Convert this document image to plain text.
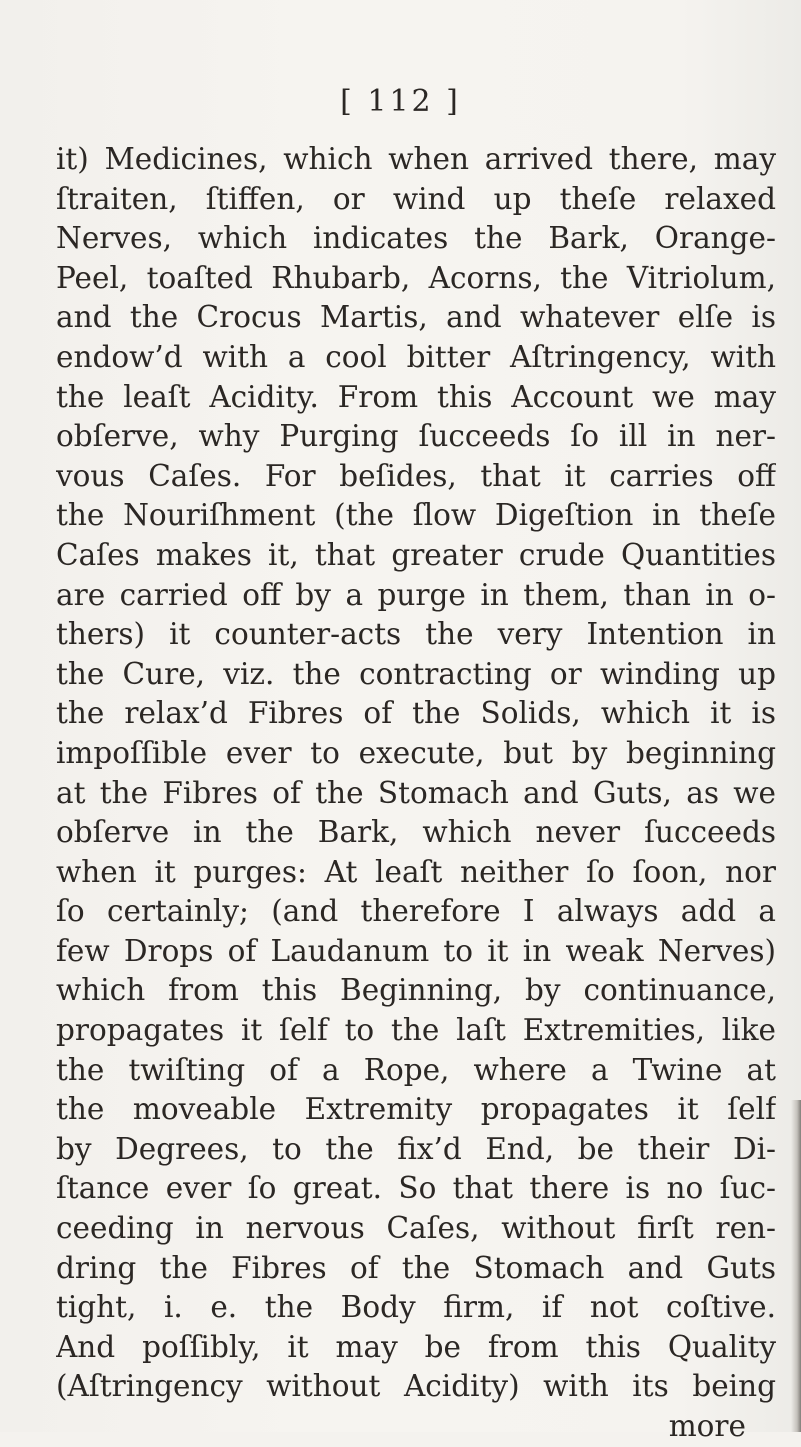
[ 112 ]
it) Medicines, which when arrived there, may
ſtraiten, ſtiffen, or wind up theſe relaxed
Nerves, which indicates the Bark, Orange-
Peel, toaſted Rhubarb, Acorns, the Vitriolum,
and the Crocus Martis, and whatever elſe is
endow’d with a cool bitter Aſtringency, with
the leaſt Acidity. From this Account we may
obſerve, why Purging ſucceeds ſo ill in ner-
vous Caſes. For beſides, that it carries off
the Nouriſhment (the ſlow Digeſtion in theſe
Caſes makes it, that greater crude Quantities
are carried off by a purge in them, than in o-
thers) it counter-acts the very Intention in
the Cure, viz. the contracting or winding up
the relax’d Fibres of the Solids, which it is
impoſſible ever to execute, but by beginning
at the Fibres of the Stomach and Guts, as we
obſerve in the Bark, which never ſucceeds
when it purges: At leaſt neither ſo ſoon, nor
ſo certainly; (and therefore I always add a
few Drops of Laudanum to it in weak Nerves)
which from this Beginning, by continuance,
propagates it ſelf to the laſt Extremities, like
the twiſting of a Rope, where a Twine at
the moveable Extremity propagates it ſelf
by Degrees, to the fix’d End, be their Di-
ſtance ever ſo great. So that there is no ſuc-
ceeding in nervous Caſes, without firſt ren-
dring the Fibres of the Stomach and Guts
tight, i. e. the Body firm, if not coſtive.
And poſſibly, it may be from this Quality
(Aſtringency without Acidity) with its being
more
